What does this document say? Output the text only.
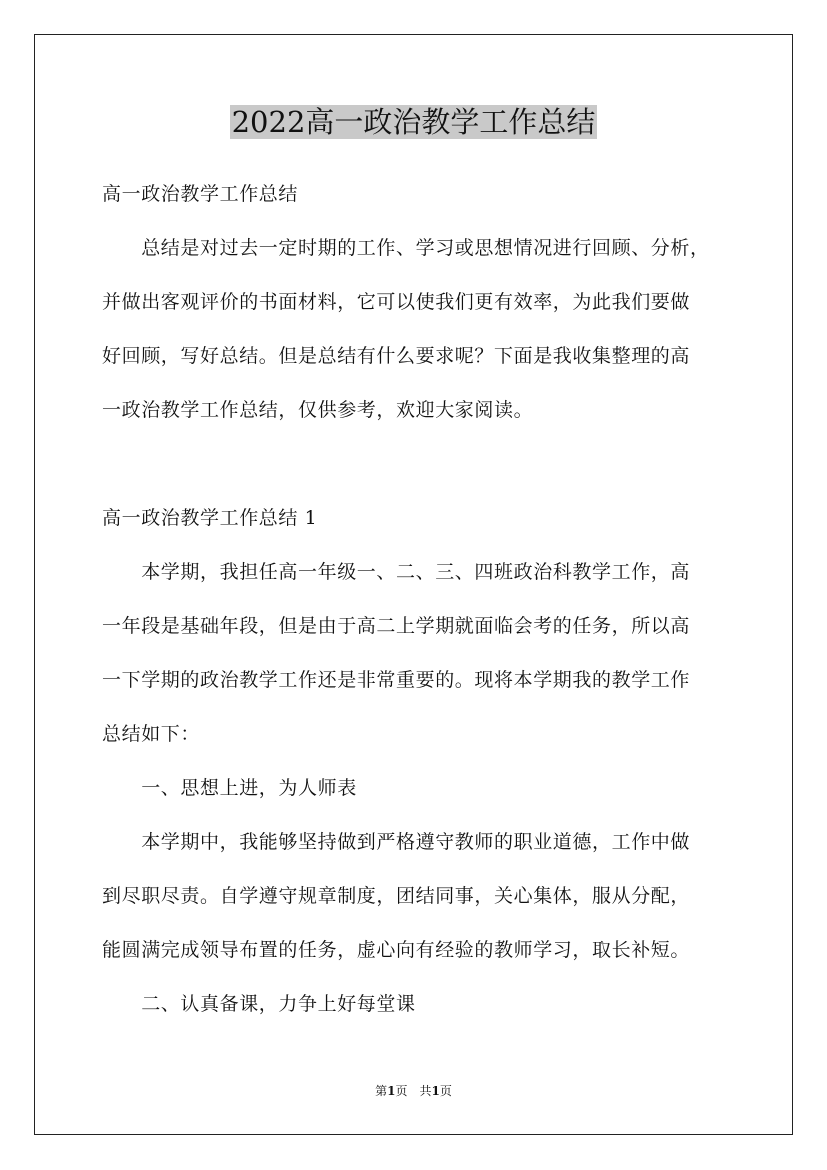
2022高一政治教学工作总结
高一政治教学工作总结
　　总结是对过去一定时期的工作、学习或思想情况进行回顾、分析，
并做出客观评价的书面材料，它可以使我们更有效率，为此我们要做
好回顾，写好总结。但是总结有什么要求呢？下面是我收集整理的高
一政治教学工作总结，仅供参考，欢迎大家阅读。
高一政治教学工作总结 1
　　本学期，我担任高一年级一、二、三、四班政治科教学工作，高
一年段是基础年段，但是由于高二上学期就面临会考的任务，所以高
一下学期的政治教学工作还是非常重要的。现将本学期我的教学工作
总结如下：
　　一、思想上进，为人师表
　　本学期中，我能够坚持做到严格遵守教师的职业道德，工作中做
到尽职尽责。自学遵守规章制度，团结同事，关心集体，服从分配，
能圆满完成领导布置的任务，虚心向有经验的教师学习，取长补短。
　　二、认真备课，力争上好每堂课
第1页　共1页
